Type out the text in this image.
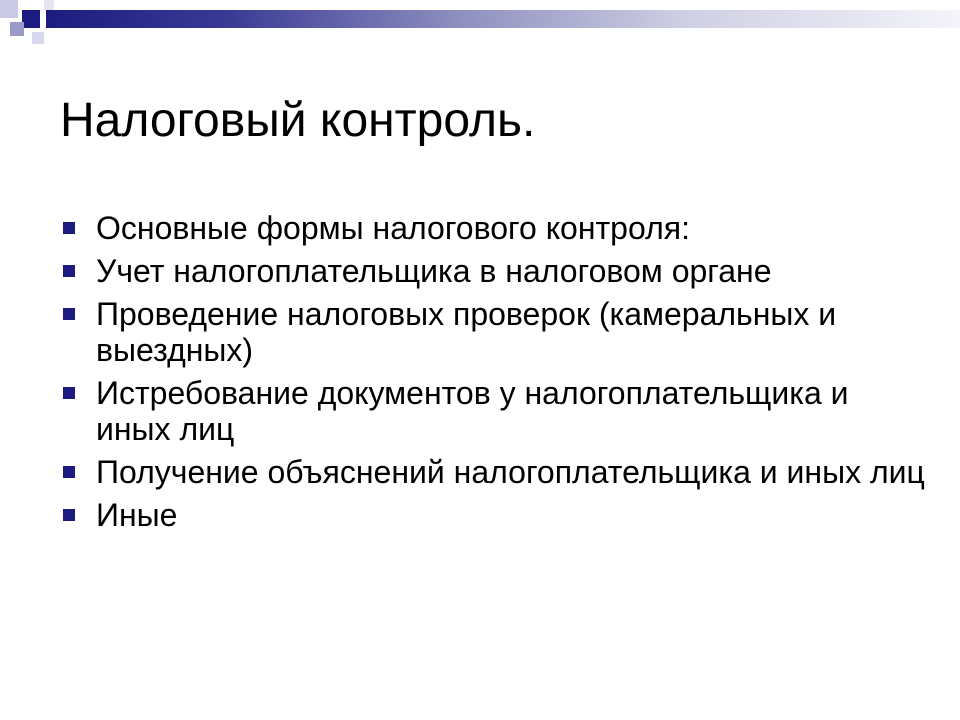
Налоговый контроль.
Основные формы налогового контроля:
Учет налогоплательщика в налоговом органе
Проведение налоговых проверок (камеральных и выездных)
Истребование документов у налогоплательщика и иных лиц
Получение объяснений налогоплательщика и иных лиц
Иные
